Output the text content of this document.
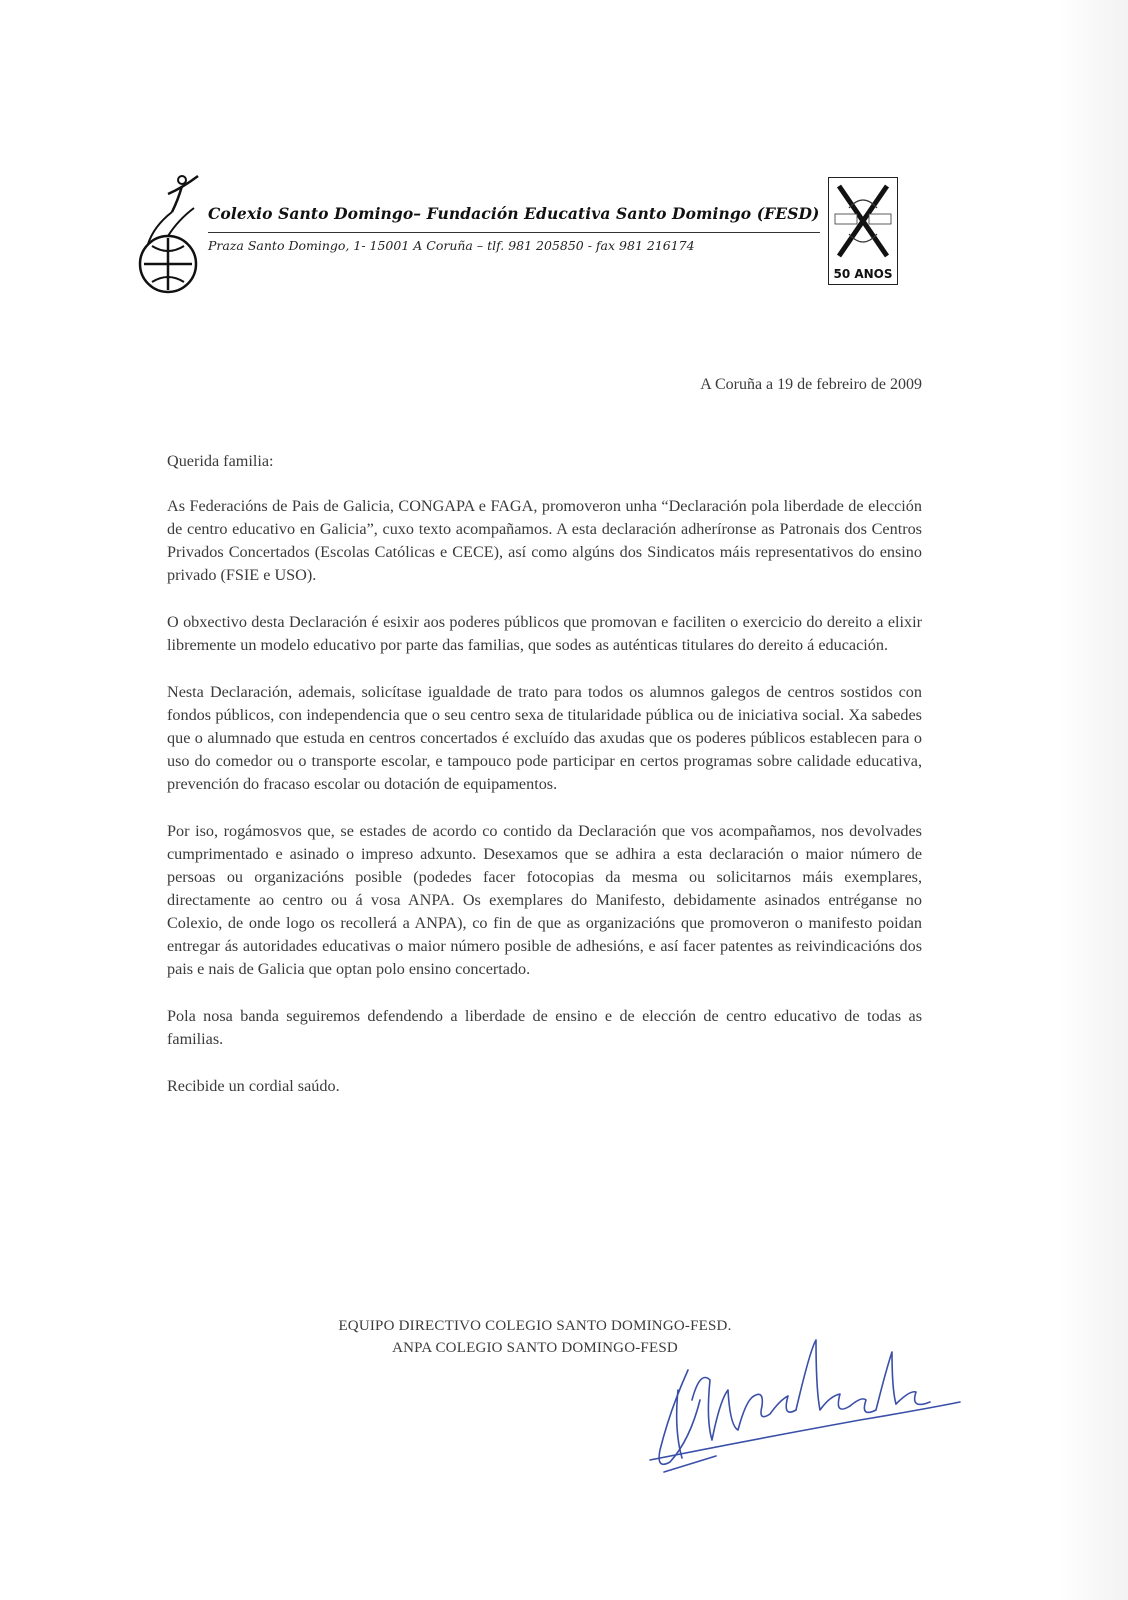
Colexio Santo Domingo– Fundación Educativa Santo Domingo (FESD)

Praza Santo Domingo, 1- 15001 A Coruña – tlf. 981 205850 - fax 981 216174

50 ANOS

A Coruña a 19 de febreiro de 2009

Querida familia:

As Federacións de Pais de Galicia, CONGAPA e FAGA, promoveron unha “Declaración pola liberdade de elección de centro educativo en Galicia”, cuxo texto acompañamos. A esta declaración adheríronse as Patronais dos Centros Privados Concertados (Escolas Católicas e CECE), así como algúns dos Sindicatos máis representativos do ensino privado (FSIE e USO).

O obxectivo desta Declaración é esixir aos poderes públicos que promovan e faciliten o exercicio do dereito a elixir libremente un modelo educativo por parte das familias, que sodes as auténticas titulares do dereito á educación.

Nesta Declaración, ademais, solicítase igualdade de trato para todos os alumnos galegos de centros sostidos con fondos públicos, con independencia que o seu centro sexa de titularidade pública ou de iniciativa social. Xa sabedes que o alumnado que estuda en centros concertados é excluído das axudas que os poderes públicos establecen para o uso do comedor ou o transporte escolar, e tampouco pode participar en certos programas sobre calidade educativa, prevención do fracaso escolar ou dotación de equipamentos.

Por iso, rogámosvos que, se estades de acordo co contido da Declaración que vos acompañamos, nos devolvades cumprimentado e asinado o impreso adxunto. Desexamos que se adhira a esta declaración o maior número de persoas ou organizacións posible (podedes facer fotocopias da mesma ou solicitarnos máis exemplares, directamente ao centro ou á vosa ANPA. Os exemplares do Manifesto, debidamente asinados entréganse no Colexio, de onde logo os recollerá a ANPA), co fin de que as organizacións que promoveron o manifesto poidan entregar ás autoridades educativas o maior número posible de adhesións, e así facer patentes as reivindicacións dos pais e nais de Galicia que optan polo ensino concertado.

Pola nosa banda seguiremos defendendo a liberdade de ensino e de elección de centro educativo de todas as familias.

Recibide un cordial saúdo.

EQUIPO DIRECTIVO COLEGIO SANTO DOMINGO-FESD.
ANPA COLEGIO SANTO DOMINGO-FESD
